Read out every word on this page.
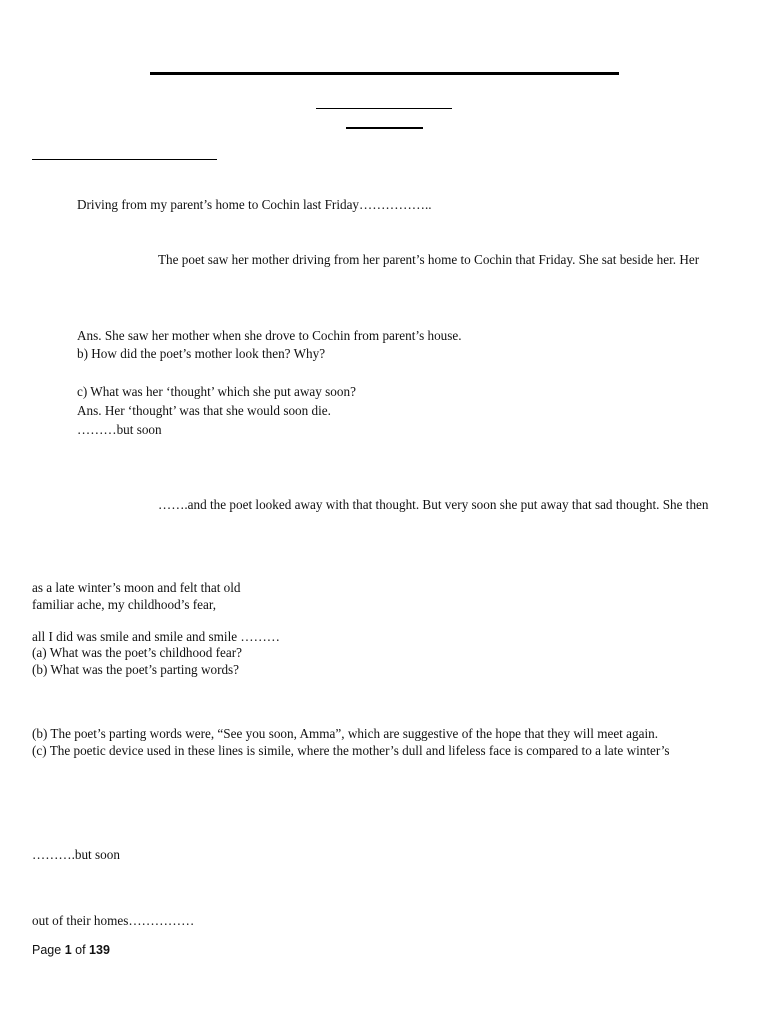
Driving from my parent’s home to Cochin last Friday……………..
The poet saw her mother driving from her parent’s home to Cochin that Friday. She sat beside her. Her
Ans. She saw her mother when she drove to Cochin from parent’s house.
b) How did the poet’s mother look then? Why?
c) What was her ‘thought’ which she put away soon?
Ans. Her ‘thought’ was that she would soon die.
………but soon
…….and the poet looked away with that thought. But very soon she put away that sad thought. She then
as a late winter’s moon and felt that old
familiar ache, my childhood’s fear,
all I did was smile and smile and smile ………
(a) What was the poet’s childhood fear?
(b) What was the poet’s parting words?
(b) The poet’s parting words were, “See you soon, Amma”, which are suggestive of the hope that they will meet again.
(c) The poetic device used in these lines is simile, where the mother’s dull and lifeless face is compared to a late winter’s
……….but soon
out of their homes……………
Page 1 of 139
